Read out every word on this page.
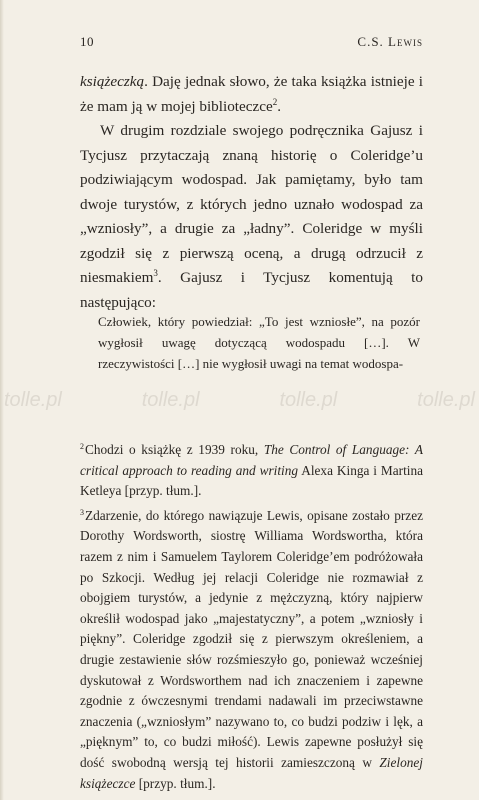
10	C.S. Lewis

książeczką. Daję jednak słowo, że taka książka istnieje i że mam ją w mojej biblioteczce$^2$.

W drugim rozdziale swojego podręcznika Gajusz i Tycjusz przytaczają znaną historię o Coleridge’u podziwiającym wodospad. Jak pamiętamy, było tam dwoje turystów, z których jedno uznało wodospad za „wzniosły”, a drugie za „ładny”. Coleridge w myśli zgodził się z pierwszą oceną, a drugą odrzucił z niesmakiem$^3$. Gajusz i Tycjusz komentują to następująco:

Człowiek, który powiedział: „To jest wzniosłe”, na pozór wygłosił uwagę dotyczącą wodospadu […]. W rzeczywistości […] nie wygłosił uwagi na temat wodospa-

tolle.pl	tolle.pl	tolle.pl	tolle.pl

$^2$Chodzi o książkę z 1939 roku, The Control of Language: A critical approach to reading and writing Alexa Kinga i Martina Ketleya [przyp. tłum.].

$^3$Zdarzenie, do którego nawiązuje Lewis, opisane zostało przez Dorothy Wordsworth, siostrę Williama Wordswortha, która razem z nim i Samuelem Taylorem Coleridge’em podróżowała po Szkocji. Według jej relacji Coleridge nie rozmawiał z obojgiem turystów, a jedynie z mężczyzną, który najpierw określił wodospad jako „majestatyczny”, a potem „wzniosły i piękny”. Coleridge zgodził się z pierwszym określeniem, a drugie zestawienie słów rozśmieszyło go, ponieważ wcześniej dyskutował z Wordsworthem nad ich znaczeniem i zapewne zgodnie z ówczesnymi trendami nadawali im przeciwstawne znaczenia („wzniosłym” nazywano to, co budzi podziw i lęk, a „pięknym” to, co budzi miłość). Lewis zapewne posłużył się dość swobodną wersją tej historii zamieszczoną w Zielonej książeczce [przyp. tłum.].
